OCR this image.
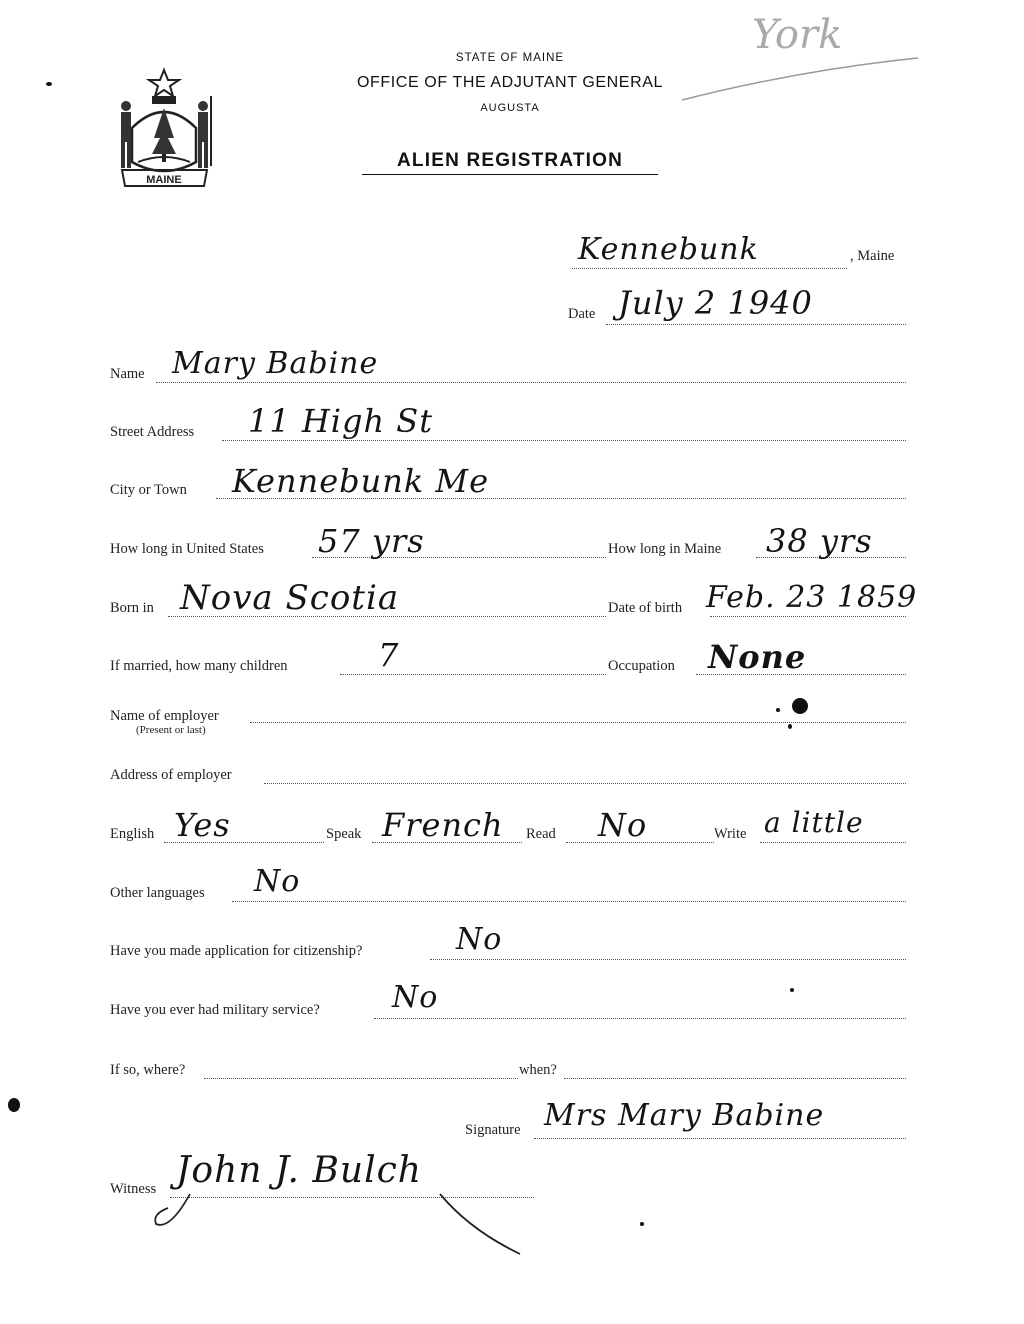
MAINE
STATE OF MAINE
OFFICE OF THE ADJUTANT GENERAL
AUGUSTA
ALIEN REGISTRATION
York
Kennebunk	, Maine
Date July 2 1940
Name Mary Babine
Street Address 11 High St
City or Town Kennebunk Me
How long in United States 57 yrs	How long in Maine 38 yrs
Born in Nova Scotia	Date of birth Feb. 23 1859
If married, how many children	7	Occupation None
Name of employer
(Present or last)
Address of employer
English Yes	Speak French Read No	Write a little
Other languages No
Have you made application for citizenship?	No
Have you ever had military service? No
If so, where?	when?
Signature Mrs Mary Babine
Witness John J. Bulch
